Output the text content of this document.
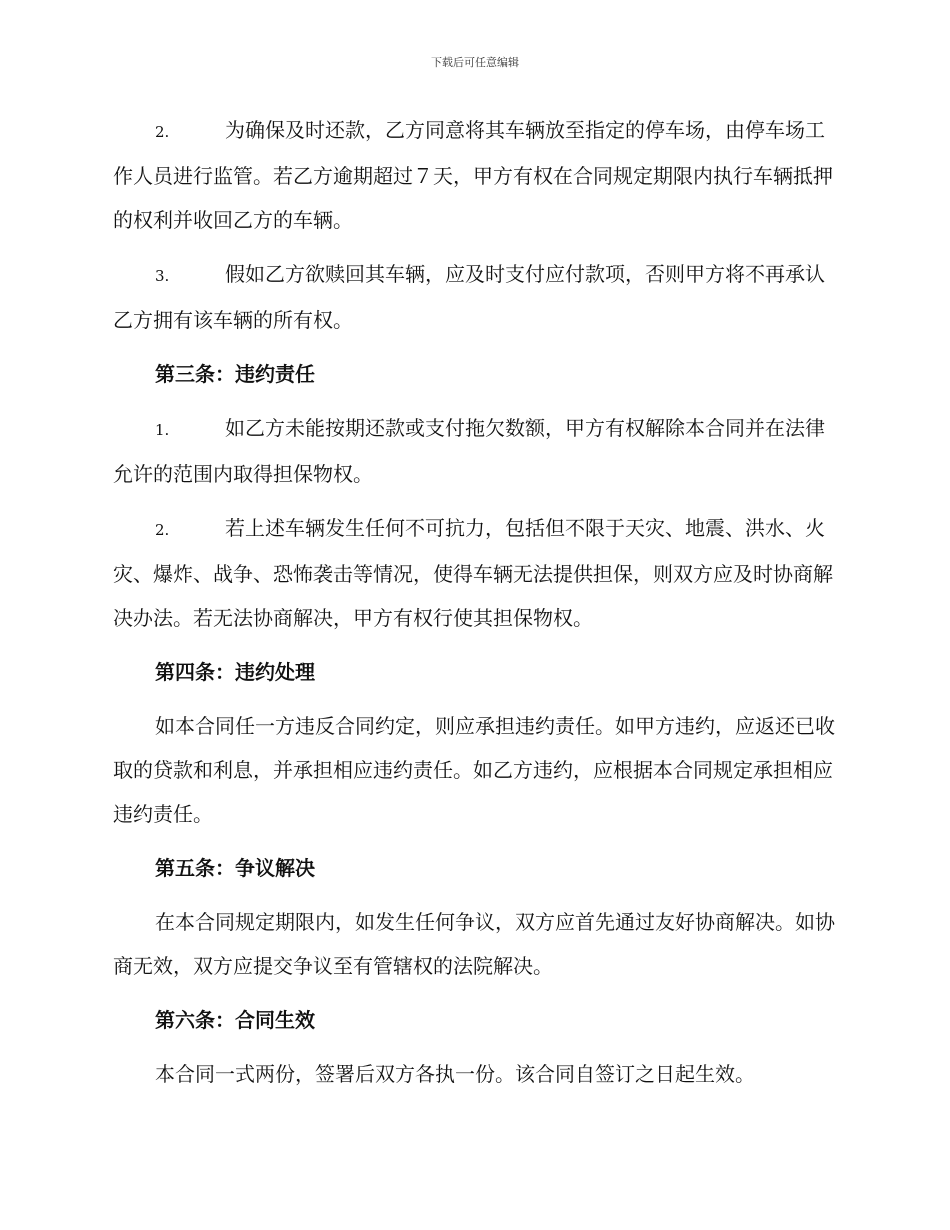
下载后可任意编辑

2.	为确保及时还款，乙方同意将其车辆放至指定的停车场，由停车场工作人员进行监管。若乙方逾期超过７天，甲方有权在合同规定期限内执行车辆抵押的权利并收回乙方的车辆。

3.	假如乙方欲赎回其车辆，应及时支付应付款项，否则甲方将不再承认乙方拥有该车辆的所有权。

第三条：违约责任

1.	如乙方未能按期还款或支付拖欠数额，甲方有权解除本合同并在法律允许的范围内取得担保物权。

2.	若上述车辆发生任何不可抗力，包括但不限于天灾、地震、洪水、火灾、爆炸、战争、恐怖袭击等情况，使得车辆无法提供担保，则双方应及时协商解决办法。若无法协商解决，甲方有权行使其担保物权。

第四条：违约处理

如本合同任一方违反合同约定，则应承担违约责任。如甲方违约，应返还已收取的贷款和利息，并承担相应违约责任。如乙方违约，应根据本合同规定承担相应违约责任。

第五条：争议解决

在本合同规定期限内，如发生任何争议，双方应首先通过友好协商解决。如协商无效，双方应提交争议至有管辖权的法院解决。

第六条：合同生效

本合同一式两份，签署后双方各执一份。该合同自签订之日起生效。
